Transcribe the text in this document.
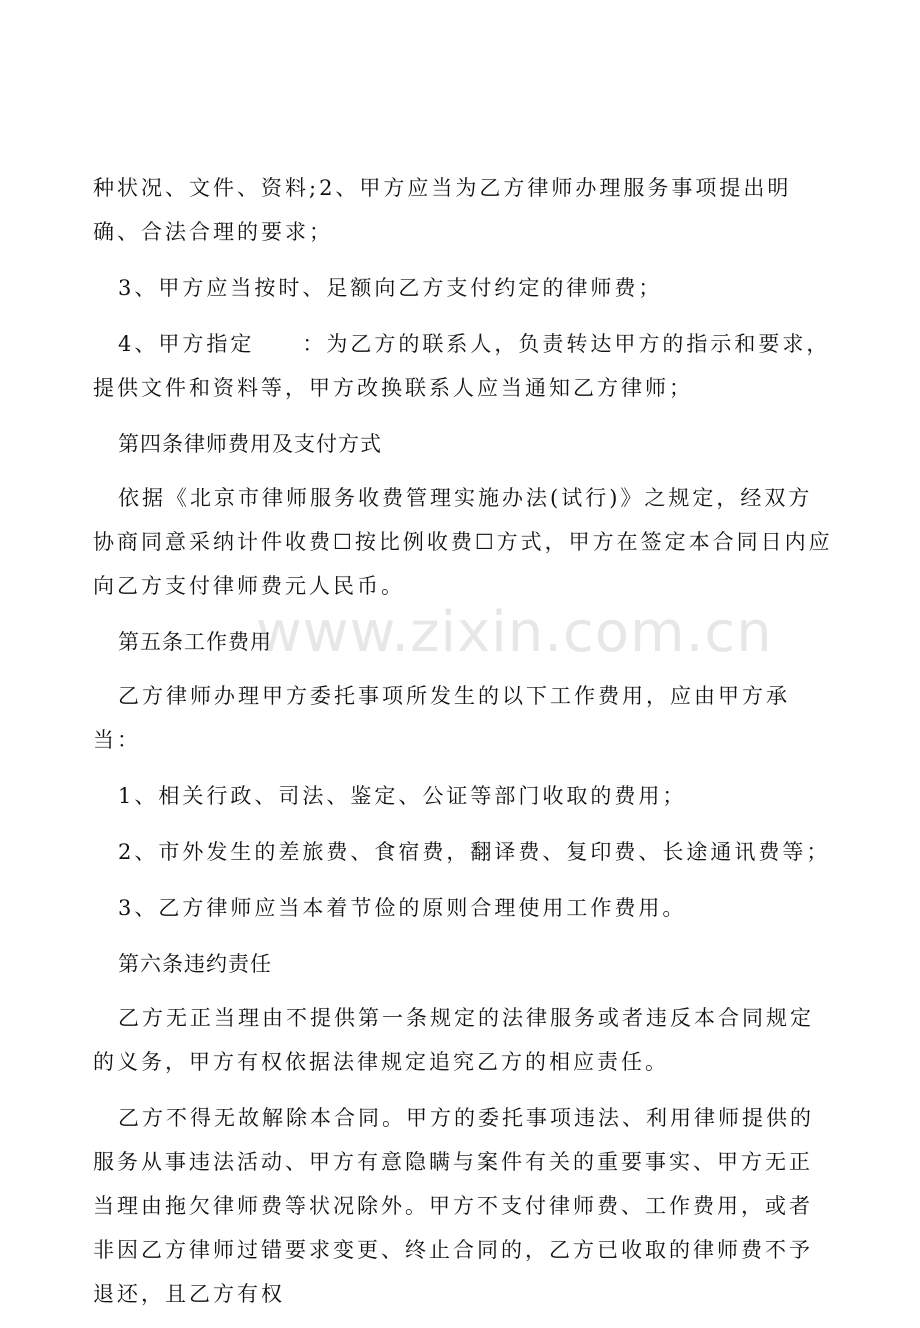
种状况、文件、资料;2、甲方应当为乙方律师办理服务事项提出明确、合法合理的要求；

3、甲方应当按时、足额向乙方支付约定的律师费；

4、甲方指定　　：为乙方的联系人，负责转达甲方的指示和要求，提供文件和资料等，甲方改换联系人应当通知乙方律师；

第四条律师费用及支付方式

依据《北京市律师服务收费管理实施办法(试行)》之规定，经双方协商同意采纳计件收费☐按比例收费☐方式，甲方在签定本合同日内应向乙方支付律师费元人民币。

第五条工作费用

乙方律师办理甲方委托事项所发生的以下工作费用，应由甲方承当：

1、相关行政、司法、鉴定、公证等部门收取的费用；

2、市外发生的差旅费、食宿费，翻译费、复印费、长途通讯费等；

3、乙方律师应当本着节俭的原则合理使用工作费用。

第六条违约责任

乙方无正当理由不提供第一条规定的法律服务或者违反本合同规定的义务，甲方有权依据法律规定追究乙方的相应责任。

乙方不得无故解除本合同。甲方的委托事项违法、利用律师提供的服务从事违法活动、甲方有意隐瞒与案件有关的重要事实、甲方无正当理由拖欠律师费等状况除外。甲方不支付律师费、工作费用，或者非因乙方律师过错要求变更、终止合同的，乙方已收取的律师费不予退还，且乙方有权

www.zixin.com.cn
